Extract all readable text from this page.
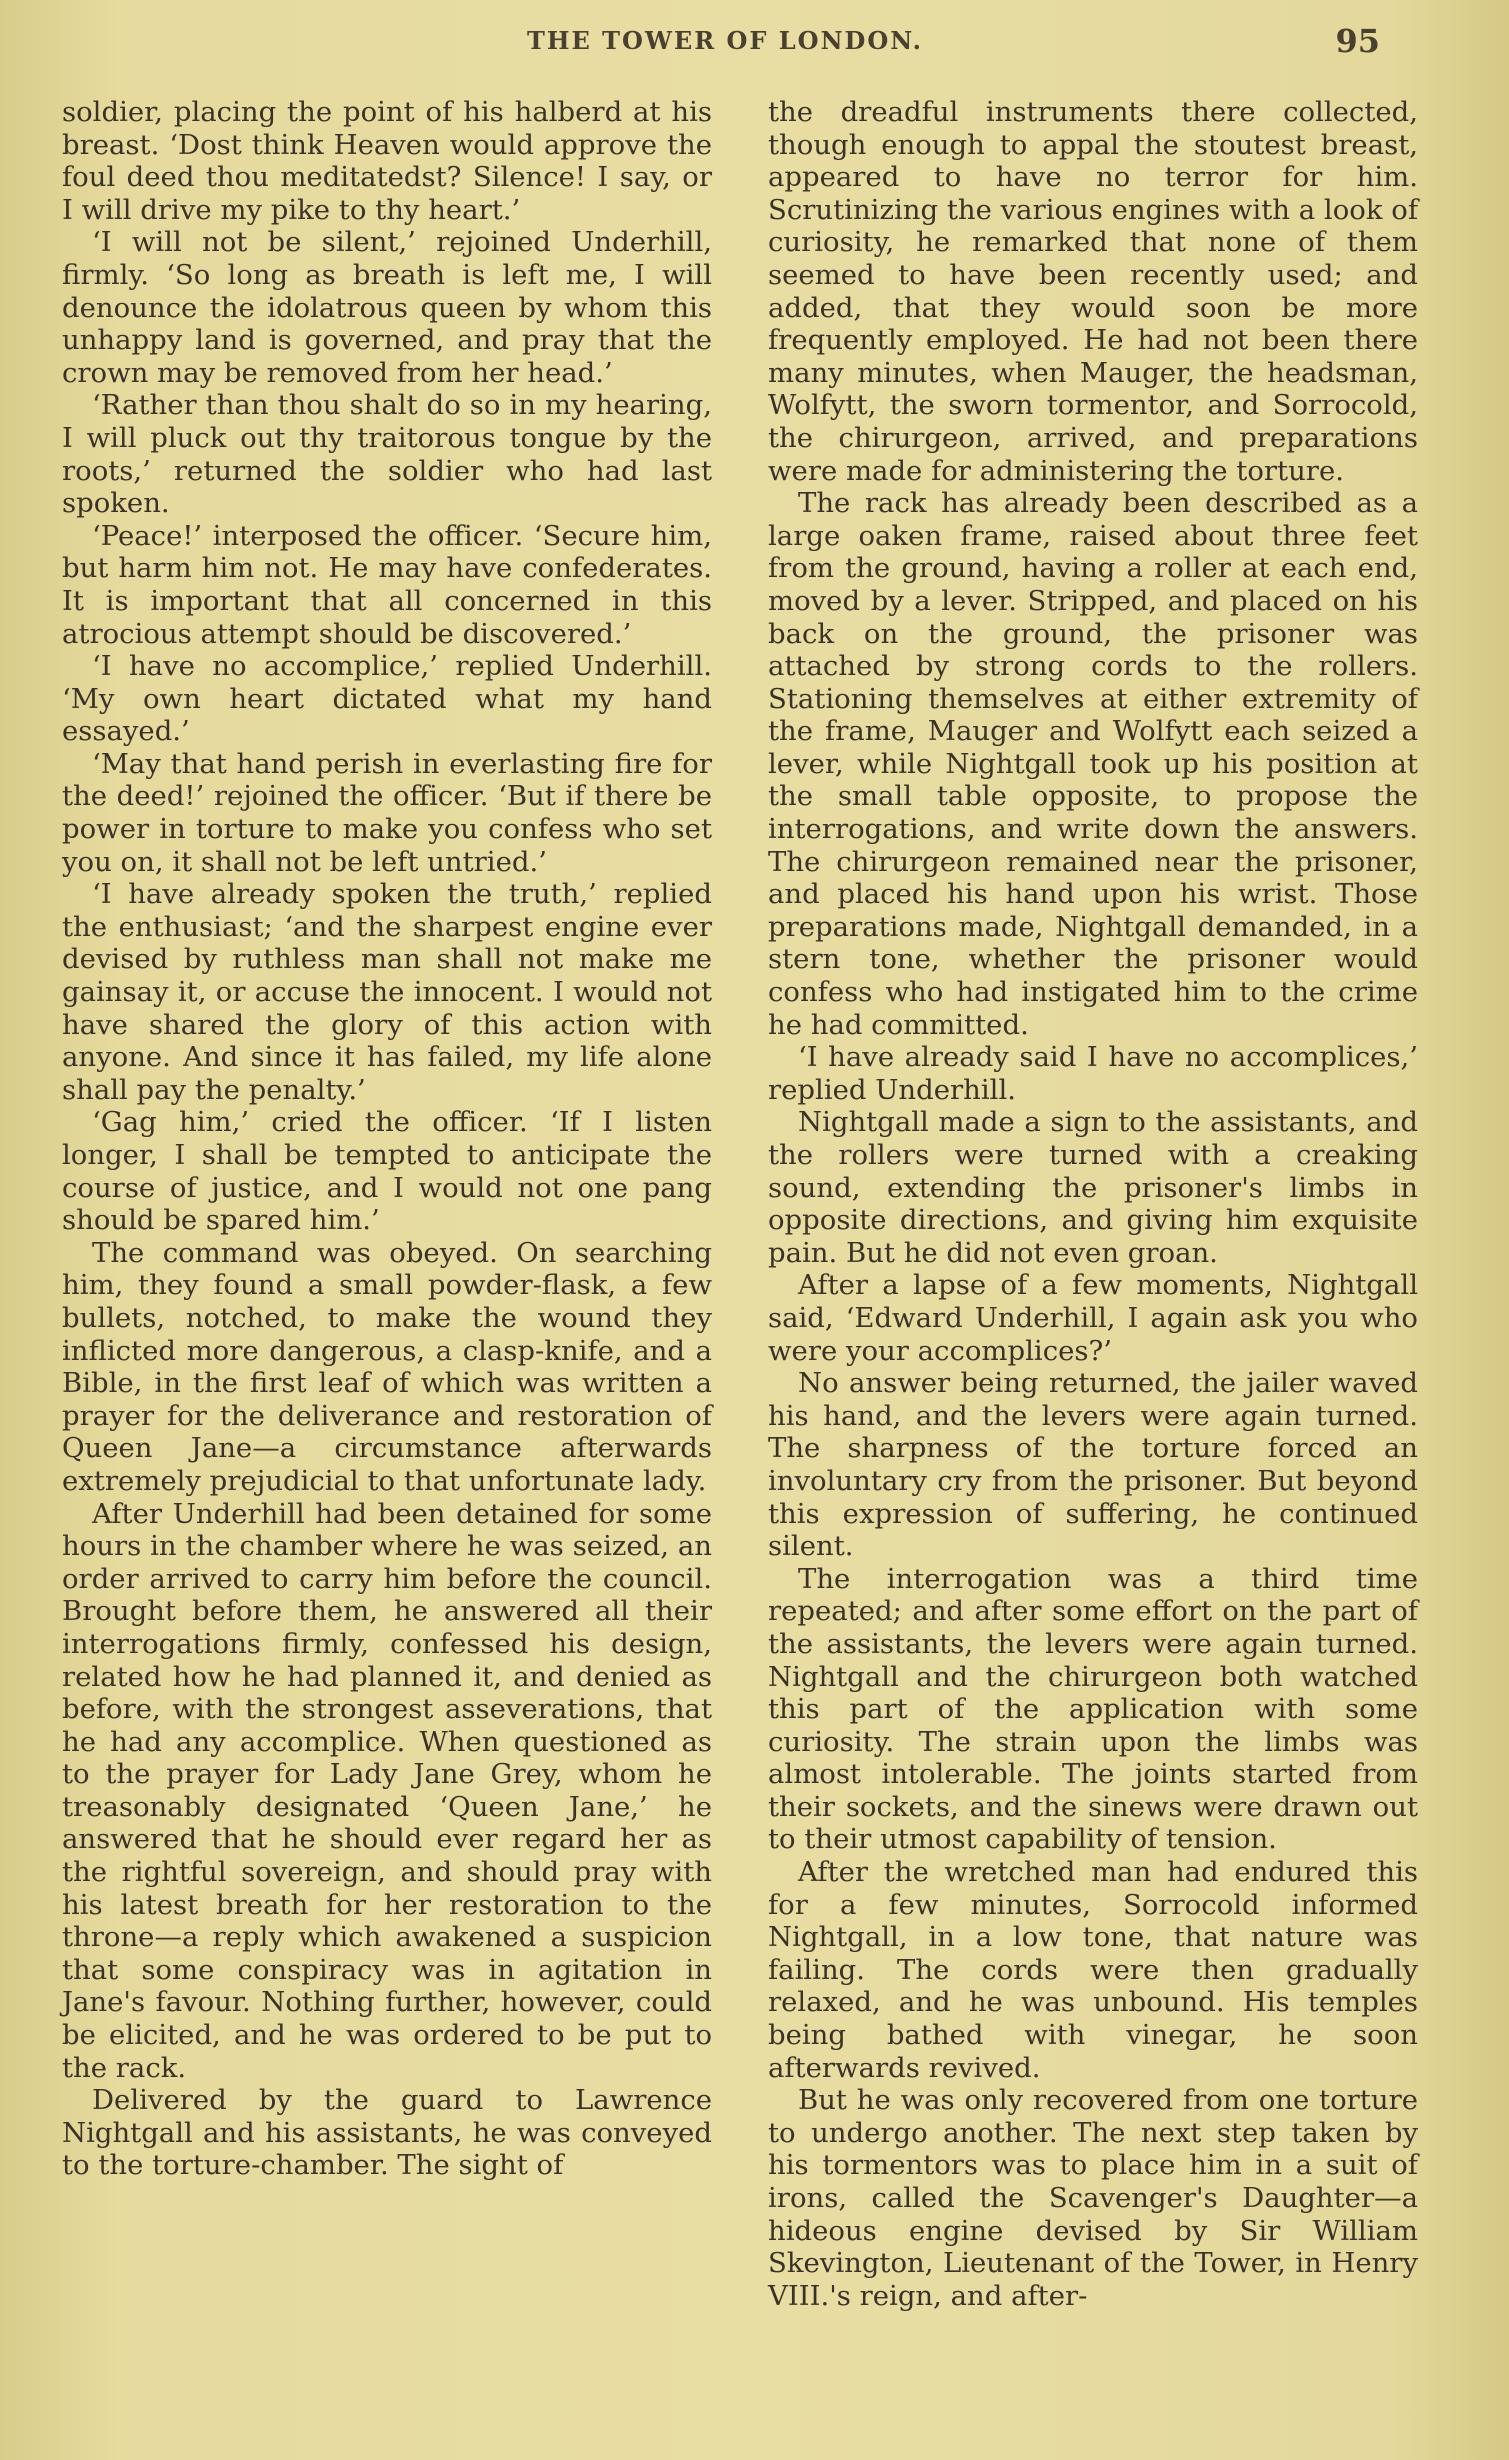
THE TOWER OF LONDON.	95

soldier, placing the point of his halberd at his breast. ‘Dost think Heaven would approve the foul deed thou meditatedst? Silence! I say, or I will drive my pike to thy heart.’

‘I will not be silent,’ rejoined Underhill, firmly. ‘So long as breath is left me, I will denounce the idolatrous queen by whom this unhappy land is governed, and pray that the crown may be removed from her head.’

‘Rather than thou shalt do so in my hearing, I will pluck out thy traitorous tongue by the roots,’ returned the soldier who had last spoken.

‘Peace!’ interposed the officer. ‘Secure him, but harm him not. He may have confederates. It is important that all concerned in this atrocious attempt should be discovered.’

‘I have no accomplice,’ replied Underhill. ‘My own heart dictated what my hand essayed.’

‘May that hand perish in everlasting fire for the deed!’ rejoined the officer. ‘But if there be power in torture to make you confess who set you on, it shall not be left untried.’

‘I have already spoken the truth,’ replied the enthusiast; ‘and the sharpest engine ever devised by ruthless man shall not make me gainsay it, or accuse the innocent. I would not have shared the glory of this action with anyone. And since it has failed, my life alone shall pay the penalty.’

‘Gag him,’ cried the officer. ‘If I listen longer, I shall be tempted to anticipate the course of justice, and I would not one pang should be spared him.’

The command was obeyed. On searching him, they found a small powder-flask, a few bullets, notched, to make the wound they inflicted more dangerous, a clasp-knife, and a Bible, in the first leaf of which was written a prayer for the deliverance and restoration of Queen Jane—a circumstance afterwards extremely prejudicial to that unfortunate lady.

After Underhill had been detained for some hours in the chamber where he was seized, an order arrived to carry him before the council. Brought before them, he answered all their interrogations firmly, confessed his design, related how he had planned it, and denied as before, with the strongest asseverations, that he had any accomplice. When questioned as to the prayer for Lady Jane Grey, whom he treasonably designated ‘Queen Jane,’ he answered that he should ever regard her as the rightful sovereign, and should pray with his latest breath for her restoration to the throne—a reply which awakened a suspicion that some conspiracy was in agitation in Jane's favour. Nothing further, however, could be elicited, and he was ordered to be put to the rack.

Delivered by the guard to Lawrence Nightgall and his assistants, he was conveyed to the torture-chamber. The sight of

the dreadful instruments there collected, though enough to appal the stoutest breast, appeared to have no terror for him. Scrutinizing the various engines with a look of curiosity, he remarked that none of them seemed to have been recently used; and added, that they would soon be more frequently employed. He had not been there many minutes, when Mauger, the headsman, Wolfytt, the sworn tormentor, and Sorrocold, the chirurgeon, arrived, and preparations were made for administering the torture.

The rack has already been described as a large oaken frame, raised about three feet from the ground, having a roller at each end, moved by a lever. Stripped, and placed on his back on the ground, the prisoner was attached by strong cords to the rollers. Stationing themselves at either extremity of the frame, Mauger and Wolfytt each seized a lever, while Nightgall took up his position at the small table opposite, to propose the interrogations, and write down the answers. The chirurgeon remained near the prisoner, and placed his hand upon his wrist. Those preparations made, Nightgall demanded, in a stern tone, whether the prisoner would confess who had instigated him to the crime he had committed.

‘I have already said I have no accomplices,’ replied Underhill.

Nightgall made a sign to the assistants, and the rollers were turned with a creaking sound, extending the prisoner's limbs in opposite directions, and giving him exquisite pain. But he did not even groan.

After a lapse of a few moments, Nightgall said, ‘Edward Underhill, I again ask you who were your accomplices?’

No answer being returned, the jailer waved his hand, and the levers were again turned. The sharpness of the torture forced an involuntary cry from the prisoner. But beyond this expression of suffering, he continued silent.

The interrogation was a third time repeated; and after some effort on the part of the assistants, the levers were again turned. Nightgall and the chirurgeon both watched this part of the application with some curiosity. The strain upon the limbs was almost intolerable. The joints started from their sockets, and the sinews were drawn out to their utmost capability of tension.

After the wretched man had endured this for a few minutes, Sorrocold informed Nightgall, in a low tone, that nature was failing. The cords were then gradually relaxed, and he was unbound. His temples being bathed with vinegar, he soon afterwards revived.

But he was only recovered from one torture to undergo another. The next step taken by his tormentors was to place him in a suit of irons, called the Scavenger's Daughter—a hideous engine devised by Sir William Skevington, Lieutenant of the Tower, in Henry VIII.'s reign, and after-
